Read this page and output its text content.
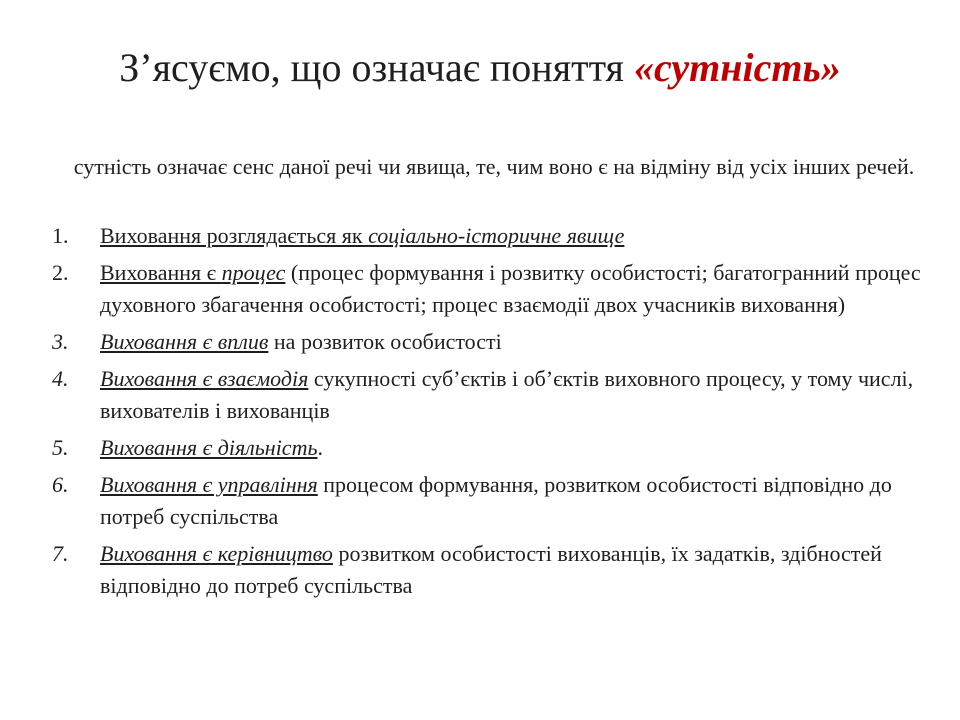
З’ясуємо, що означає поняття «сутність»
сутність означає сенс даної речі чи явища, те, чим воно є на відміну від усіх інших речей.
1. Виховання розглядається як соціально-історичне явище
2. Виховання є процес (процес формування і розвитку особистості; багатогранний процес духовного збагачення особистості; процес взаємодії двох учасників виховання)
3. Виховання є вплив на розвиток особистості
4. Виховання є взаємодія сукупності суб’єктів і об’єктів виховного процесу, у тому числі, вихователів і вихованців
5. Виховання є діяльність.
6. Виховання є управління процесом формування, розвитком особистості відповідно до потреб суспільства
7. Виховання є керівництво розвитком особистості вихованців, їх задатків, здібностей відповідно до потреб суспільства
